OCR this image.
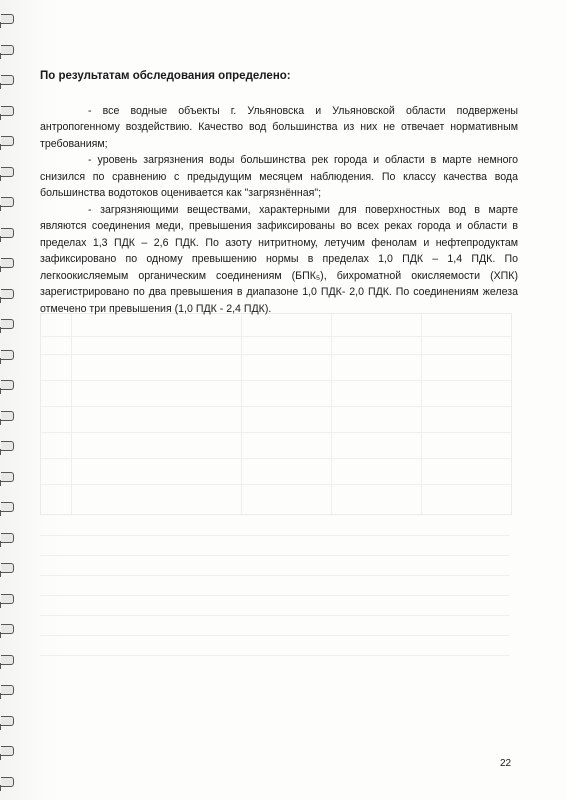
По результатам обследования определено:

- все водные объекты г. Ульяновска и Ульяновской области подвержены антропогенному воздействию. Качество вод большинства из них не отвечает нормативным требованиям;

- уровень загрязнения воды большинства рек города и области в марте немного снизился по сравнению с предыдущим месяцем наблюдения. По классу качества вода большинства водотоков оценивается как "загрязнённая";

- загрязняющими веществами, характерными для поверхностных вод в марте являются соединения меди, превышения зафиксированы во всех реках города и области в пределах 1,3 ПДК – 2,6 ПДК. По азоту нитритному, летучим фенолам и нефтепродуктам зафиксировано по одному превышению нормы в пределах 1,0 ПДК – 1,4 ПДК. По легкоокисляемым органическим соединениям (БПК₅), бихроматной окисляемости (ХПК) зарегистрировано по два превышения в диапазоне 1,0 ПДК- 2,0 ПДК. По соединениям железа отмечено три превышения (1,0 ПДК - 2,4 ПДК).

22
